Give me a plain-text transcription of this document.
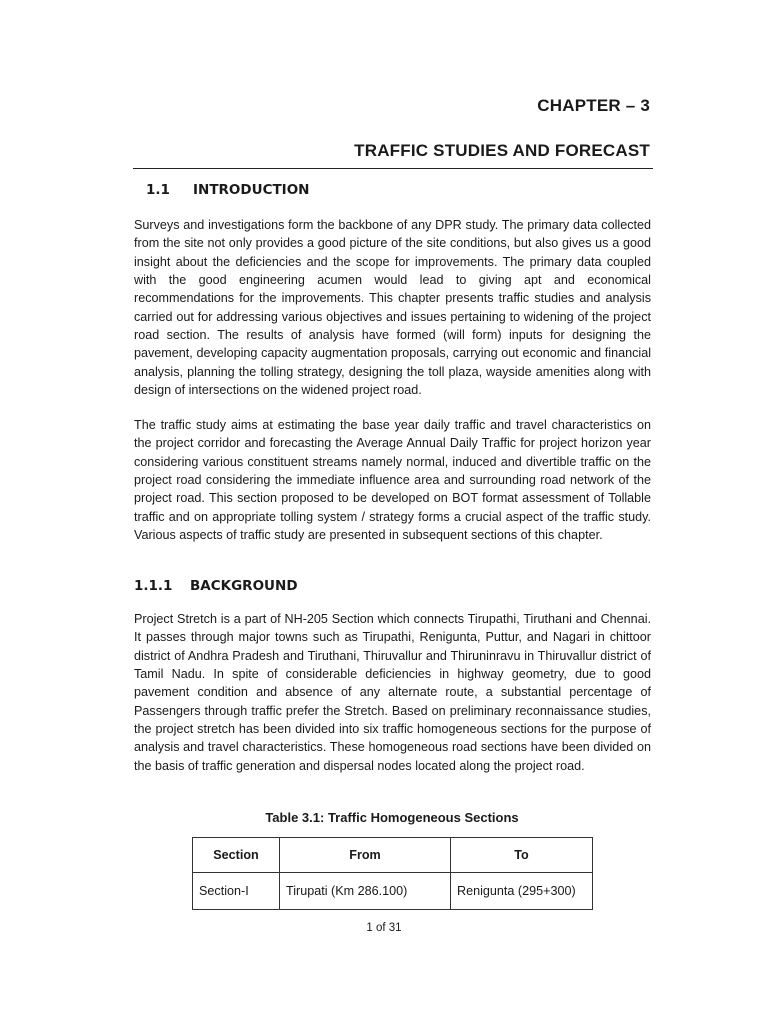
CHAPTER – 3
TRAFFIC STUDIES AND FORECAST
1.1 INTRODUCTION

Surveys and investigations form the backbone of any DPR study. The primary data collected from the site not only provides a good picture of the site conditions, but also gives us a good insight about the deficiencies and the scope for improvements. The primary data coupled with the good engineering acumen would lead to giving apt and economical recommendations for the improvements. This chapter presents traffic studies and analysis carried out for addressing various objectives and issues pertaining to widening of the project road section. The results of analysis have formed (will form) inputs for designing the pavement, developing capacity augmentation proposals, carrying out economic and financial analysis, planning the tolling strategy, designing the toll plaza, wayside amenities along with design of intersections on the widened project road.

The traffic study aims at estimating the base year daily traffic and travel characteristics on the project corridor and forecasting the Average Annual Daily Traffic for project horizon year considering various constituent streams namely normal, induced and divertible traffic on the project road considering the immediate influence area and surrounding road network of the project road. This section proposed to be developed on BOT format assessment of Tollable traffic and on appropriate tolling system / strategy forms a crucial aspect of the traffic study. Various aspects of traffic study are presented in subsequent sections of this chapter.

1.1.1 BACKGROUND

Project Stretch is a part of NH-205 Section which connects Tirupathi, Tiruthani and Chennai. It passes through major towns such as Tirupathi, Renigunta, Puttur, and Nagari in chittoor district of Andhra Pradesh and Tiruthani, Thiruvallur and Thiruninravu in Thiruvallur district of Tamil Nadu. In spite of considerable deficiencies in highway geometry, due to good pavement condition and absence of any alternate route, a substantial percentage of Passengers through traffic prefer the Stretch. Based on preliminary reconnaissance studies, the project stretch has been divided into six traffic homogeneous sections for the purpose of analysis and travel characteristics. These homogeneous road sections have been divided on the basis of traffic generation and dispersal nodes located along the project road.

Table 3.1: Traffic Homogeneous Sections
Section	From	To
Section-I	Tirupati (Km 286.100)	Renigunta (295+300)
1 of 31
